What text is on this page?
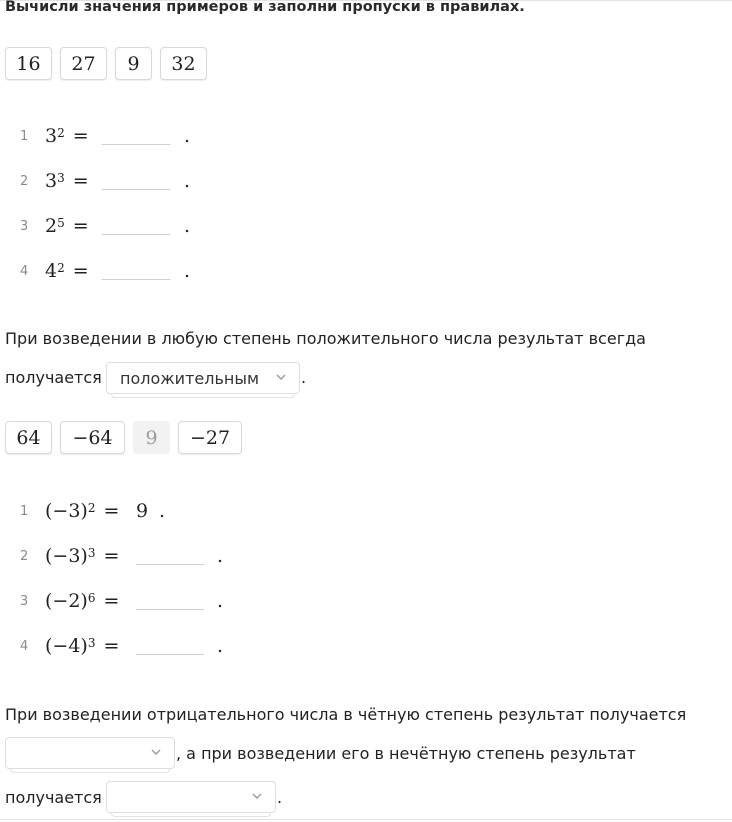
Вычисли значения примеров и заполни пропуски в правилах.
16	27	9	32
1 $3^2$ =	.
2 $3^3$ =	.
3 $2^5$ =	.
4 $4^2$ =	.
При возведении в любую степень положительного числа результат всегда
получается положительным	.
64	−64	9	−27
1 $(-3)^2 = 9$ .
2 $(-3)^3$ =	.
3 $(-2)^6$ =	.
4 $(-4)^3$ =	.
При возведении отрицательного числа в чётную степень результат получается
, а при возведении его в нечётную степень результат
получается	.
